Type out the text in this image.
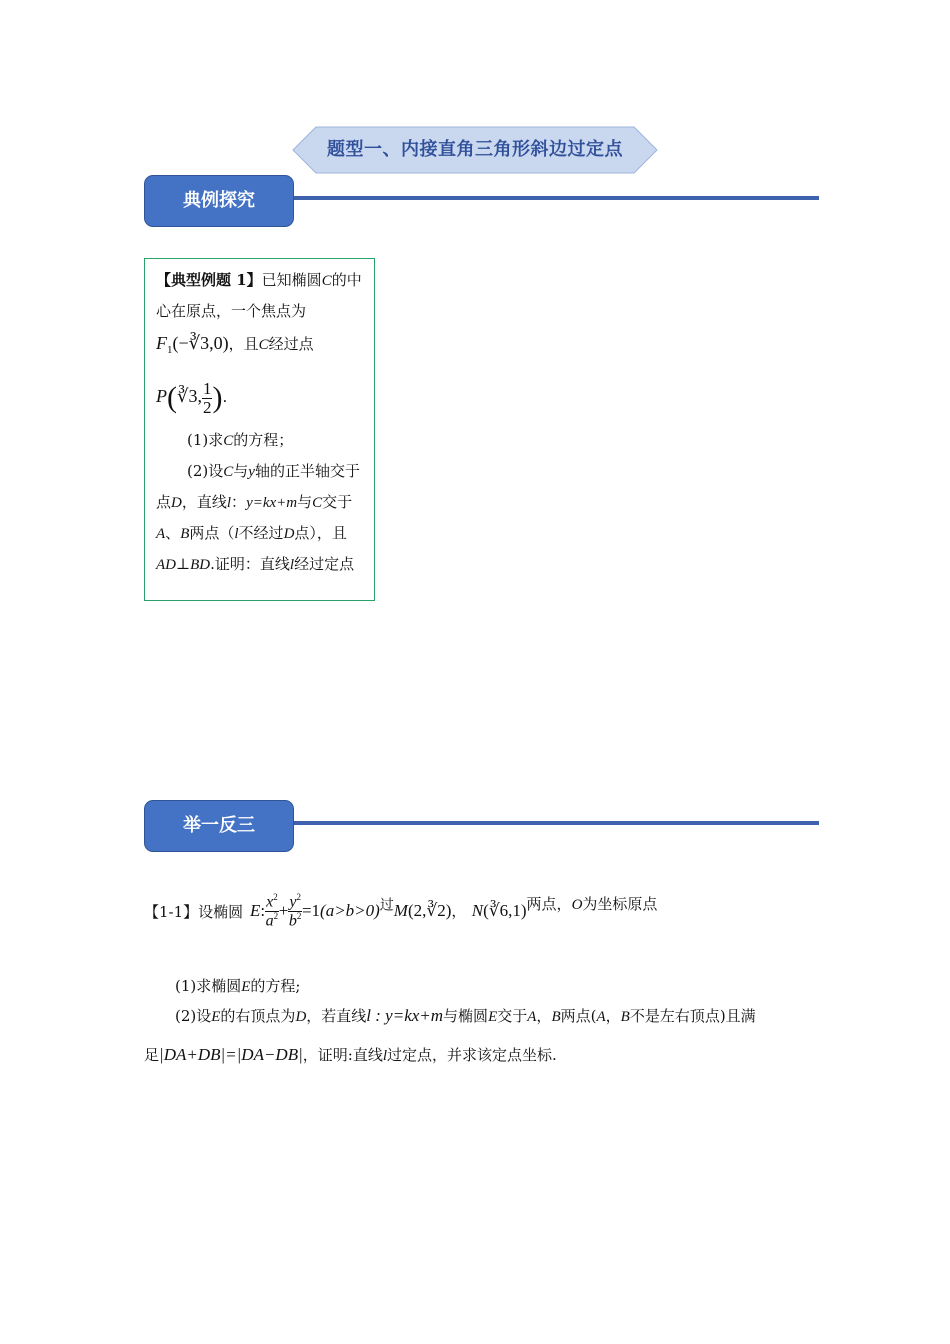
题型一、内接直角三角形斜边过定点
典例探究

【典型例题 1】已知椭圆C的中心在原点，一个焦点为

$F_1(-∛3,0)$，且C经过点

P(∛3, $\frac{1}{2}$ ).

(1)求C的方程；

(2)设C与y轴的正半轴交于点D，直线l：y=kx+m与C交于A、B两点（l不经过D点），且AD⊥BD.证明：直线l经过定点

举一反三
【1-1】设椭圆 E: $\frac{x^2}{a^2} + \frac{y^2}{b^2}$ =1(a>b>0)$^过$M(2,∛2)， N(∛6,1)$^{两点,O为坐标原点}$

(1)求椭圆E的方程;

(2)设E的右顶点为D，若直线l : y=kx+m与椭圆E交于A，B两点(A，B不是左右顶点)且满足|DA+DB|=|DA−DB|，证明:直线l过定点，并求该定点坐标.
